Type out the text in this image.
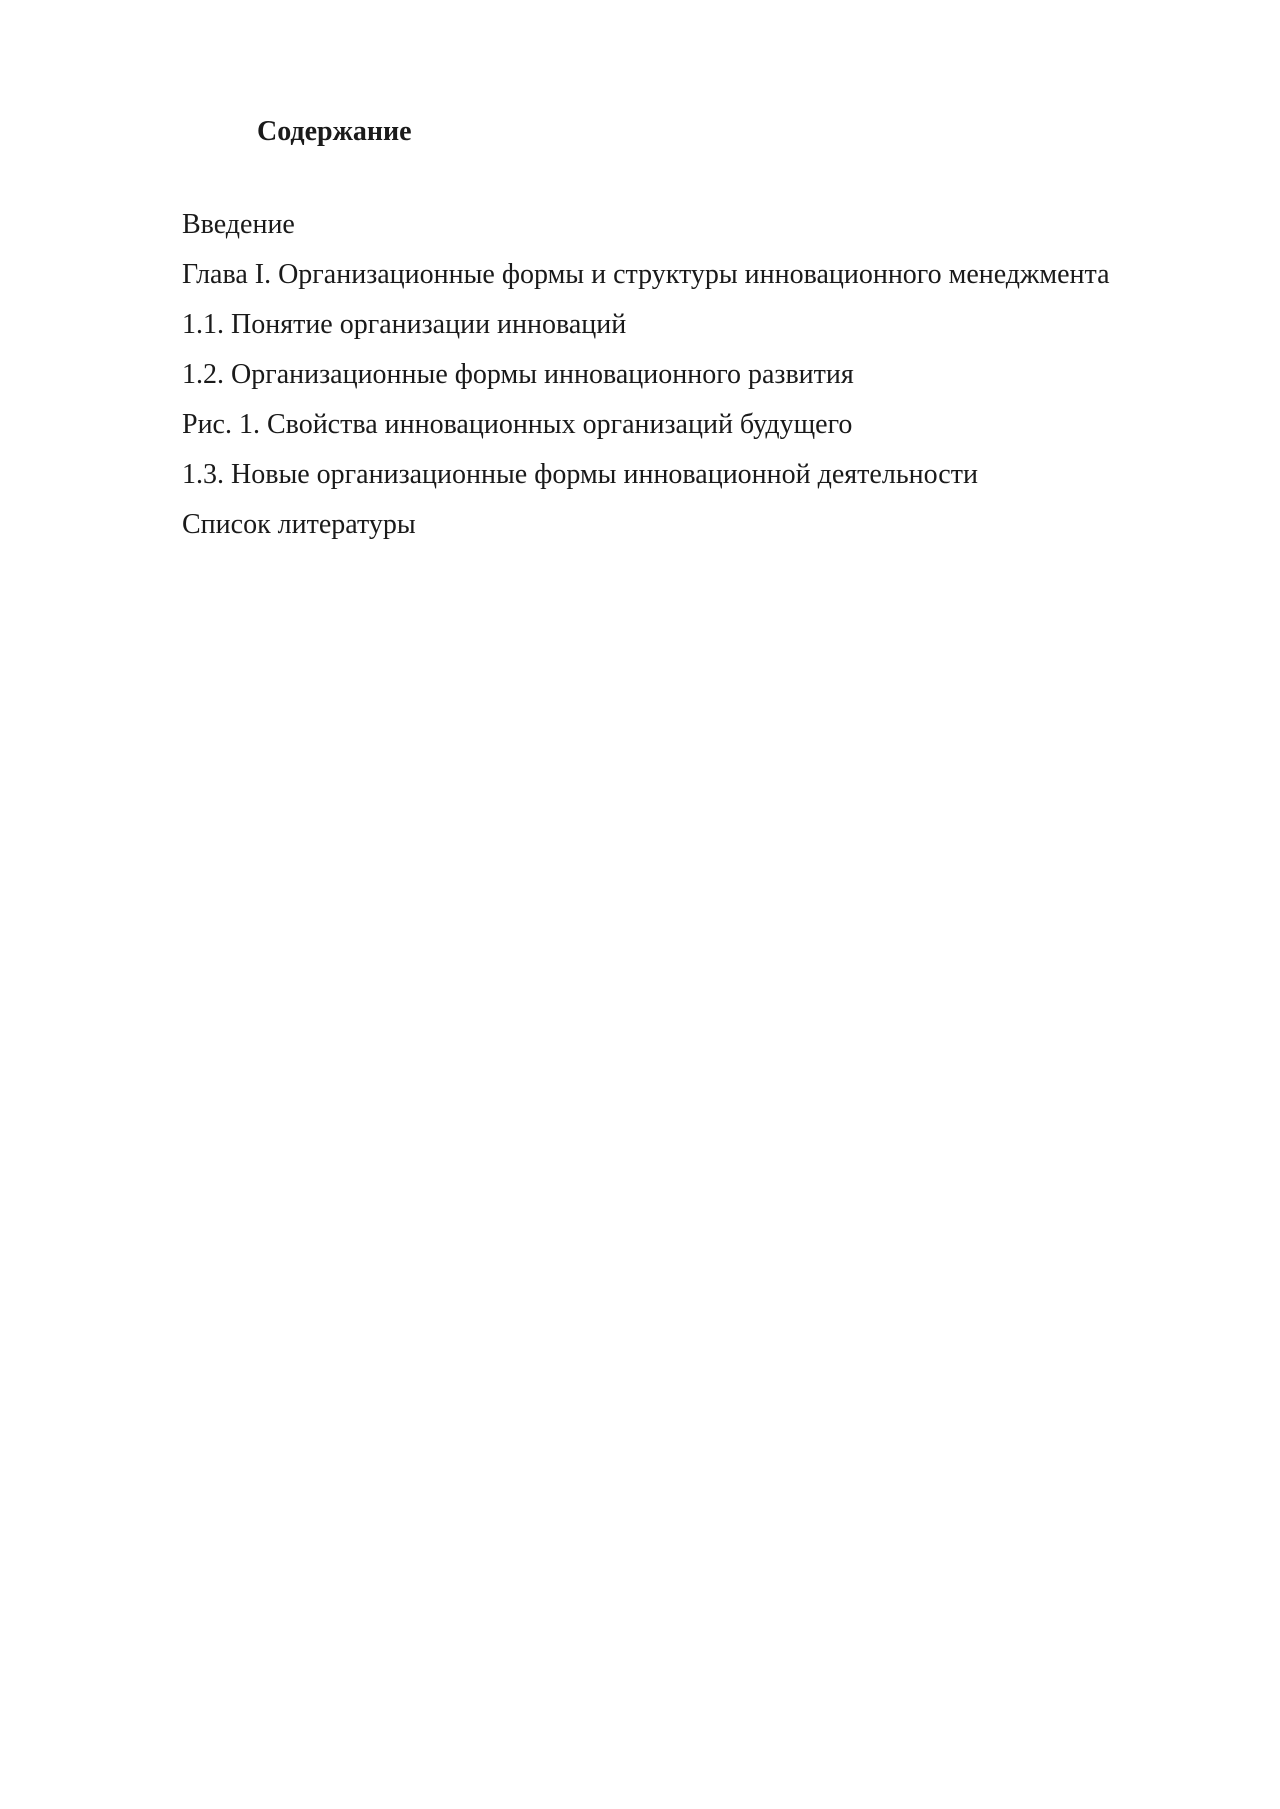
Содержание
Введение
Глава I. Организационные формы и структуры инновационного менеджмента
1.1. Понятие организации инноваций
1.2. Организационные формы инновационного развития
Рис. 1. Свойства инновационных организаций будущего
1.3. Новые организационные формы инновационной деятельности
Список литературы
